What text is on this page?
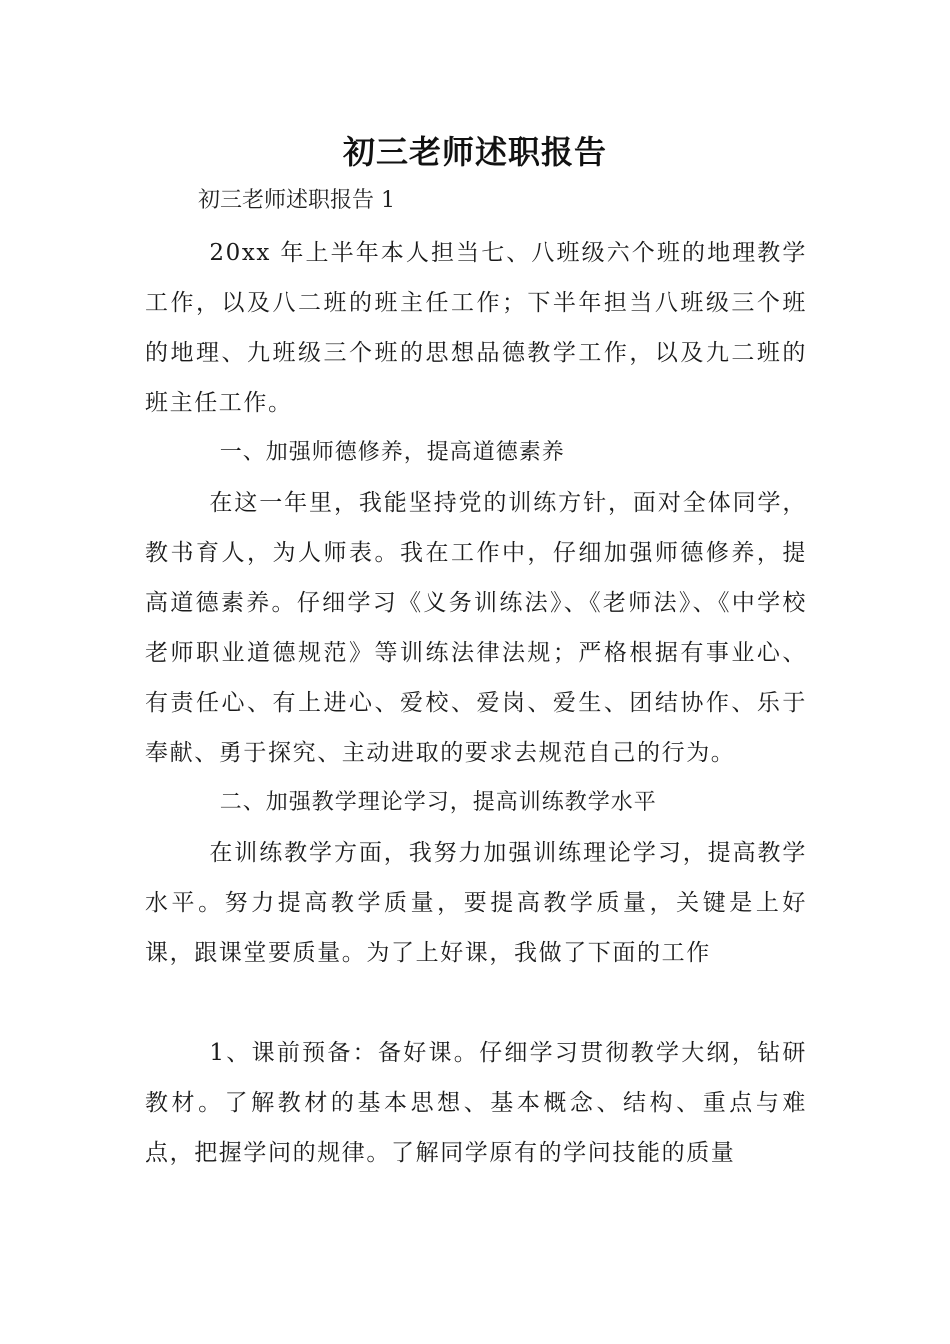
初三老师述职报告
初三老师述职报告 1

20xx 年上半年本人担当七、八班级六个班的地理教学工作，以及八二班的班主任工作；下半年担当八班级三个班的地理、九班级三个班的思想品德教学工作，以及九二班的班主任工作。

一、加强师德修养，提高道德素养

在这一年里，我能坚持党的训练方针，面对全体同学，教书育人，为人师表。我在工作中，仔细加强师德修养，提高道德素养。仔细学习《义务训练法》、《老师法》、《中学校老师职业道德规范》等训练法律法规；严格根据有事业心、有责任心、有上进心、爱校、爱岗、爱生、团结协作、乐于奉献、勇于探究、主动进取的要求去规范自己的行为。

二、加强教学理论学习，提高训练教学水平

在训练教学方面，我努力加强训练理论学习，提高教学水平。努力提高教学质量，要提高教学质量，关键是上好课，跟课堂要质量。为了上好课，我做了下面的工作

1、课前预备：备好课。仔细学习贯彻教学大纲，钻研教材。了解教材的基本思想、基本概念、结构、重点与难点，把握学问的规律。了解同学原有的学问技能的质量
